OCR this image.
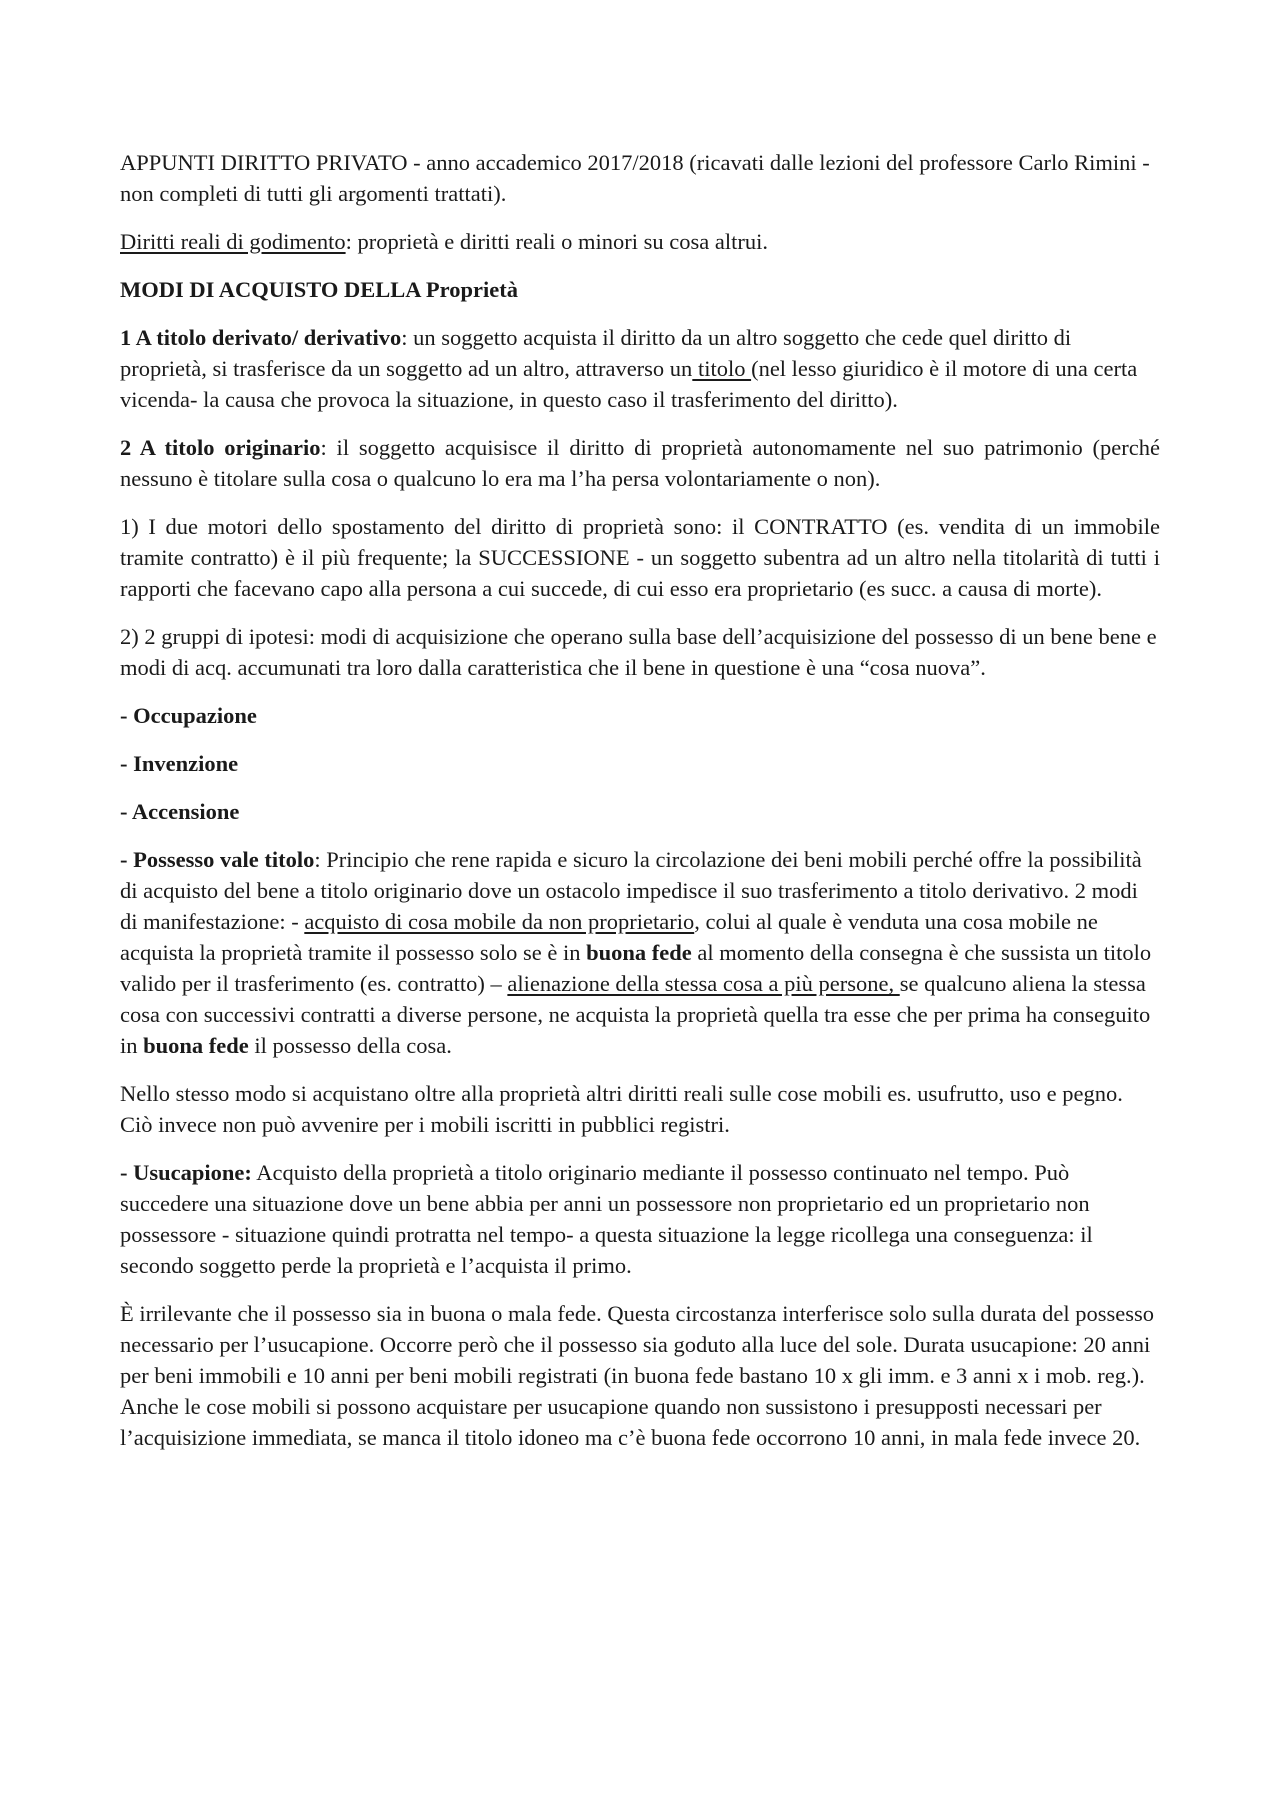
APPUNTI DIRITTO PRIVATO - anno accademico 2017/2018 (ricavati dalle lezioni del professore Carlo Rimini - non completi di tutti gli argomenti trattati).

Diritti reali di godimento: proprietà e diritti reali o minori su cosa altrui.

MODI DI ACQUISTO DELLA Proprietà

1 A titolo derivato/ derivativo: un soggetto acquista il diritto da un altro soggetto che cede quel diritto di proprietà, si trasferisce da un soggetto ad un altro, attraverso un titolo (nel lesso giuridico è il motore di una certa vicenda- la causa che provoca la situazione, in questo caso il trasferimento del diritto).

2 A titolo originario: il soggetto acquisisce il diritto di proprietà autonomamente nel suo patrimonio (perché nessuno è titolare sulla cosa o qualcuno lo era ma l’ha persa volontariamente o non).

1) I due motori dello spostamento del diritto di proprietà sono: il CONTRATTO (es. vendita di un immobile tramite contratto) è il più frequente; la SUCCESSIONE - un soggetto subentra ad un altro nella titolarità di tutti i rapporti che facevano capo alla persona a cui succede, di cui esso era proprietario (es succ. a causa di morte).

2) 2 gruppi di ipotesi: modi di acquisizione che operano sulla base dell’acquisizione del possesso di un bene bene e modi di acq. accumunati tra loro dalla caratteristica che il bene in questione è una “cosa nuova”.

- Occupazione

- Invenzione

- Accensione

- Possesso vale titolo: Principio che rene rapida e sicuro la circolazione dei beni mobili perché offre la possibilità di acquisto del bene a titolo originario dove un ostacolo impedisce il suo trasferimento a titolo derivativo. 2 modi di manifestazione: - acquisto di cosa mobile da non proprietario, colui al quale è venduta una cosa mobile ne acquista la proprietà tramite il possesso solo se è in buona fede al momento della consegna è che sussista un titolo valido per il trasferimento (es. contratto) – alienazione della stessa cosa a più persone, se qualcuno aliena la stessa cosa con successivi contratti a diverse persone, ne acquista la proprietà quella tra esse che per prima ha conseguito in buona fede il possesso della cosa.

Nello stesso modo si acquistano oltre alla proprietà altri diritti reali sulle cose mobili es. usufrutto, uso e pegno. Ciò invece non può avvenire per i mobili iscritti in pubblici registri.

- Usucapione: Acquisto della proprietà a titolo originario mediante il possesso continuato nel tempo. Può succedere una situazione dove un bene abbia per anni un possessore non proprietario ed un proprietario non possessore - situazione quindi protratta nel tempo- a questa situazione la legge ricollega una conseguenza: il secondo soggetto perde la proprietà e l’acquista il primo.

È irrilevante che il possesso sia in buona o mala fede. Questa circostanza interferisce solo sulla durata del possesso necessario per l’usucapione. Occorre però che il possesso sia goduto alla luce del sole. Durata usucapione: 20 anni per beni immobili e 10 anni per beni mobili registrati (in buona fede bastano 10 x gli imm. e 3 anni x i mob. reg.). Anche le cose mobili si possono acquistare per usucapione quando non sussistono i presupposti necessari per l’acquisizione immediata, se manca il titolo idoneo ma c’è buona fede occorrono 10 anni, in mala fede invece 20.
